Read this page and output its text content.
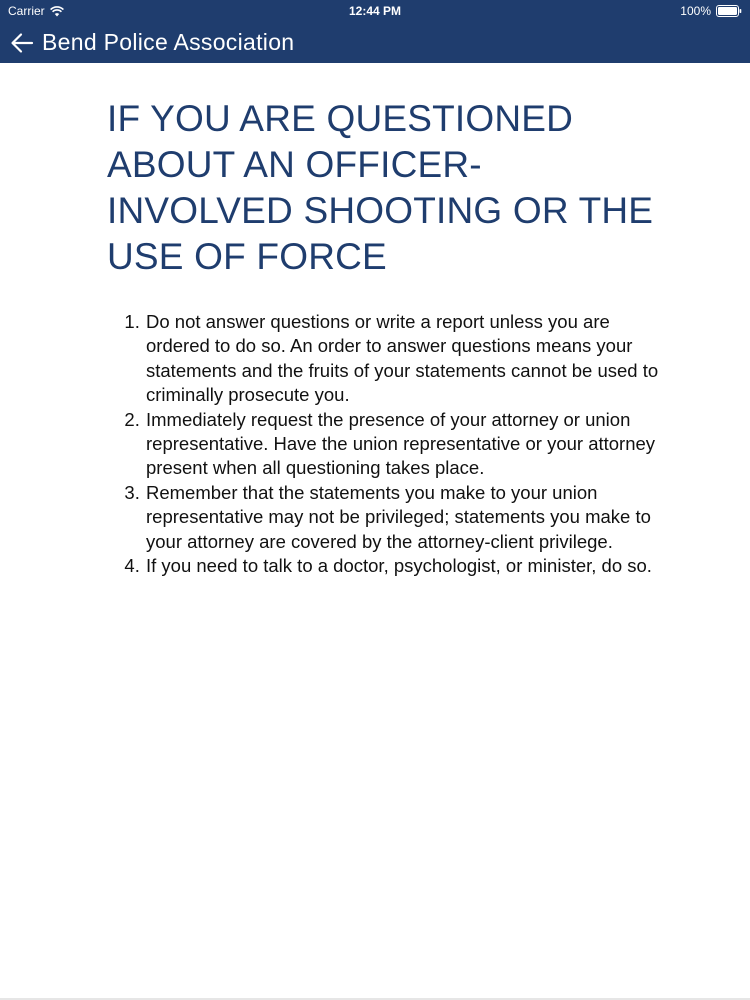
Carrier	12:44 PM	100%
Bend Police Association
IF YOU ARE QUESTIONED
ABOUT AN OFFICER-
INVOLVED SHOOTING OR THE
USE OF FORCE
1. Do not answer questions or write a report unless you are ordered to do so. An order to answer questions means your statements and the fruits of your statements cannot be used to criminally prosecute you.
2. Immediately request the presence of your attorney or union representative. Have the union representative or your attorney present when all questioning takes place.
3. Remember that the statements you make to your union representative may not be privileged; statements you make to your attorney are covered by the attorney-client privilege.
4. If you need to talk to a doctor, psychologist, or minister, do so.
